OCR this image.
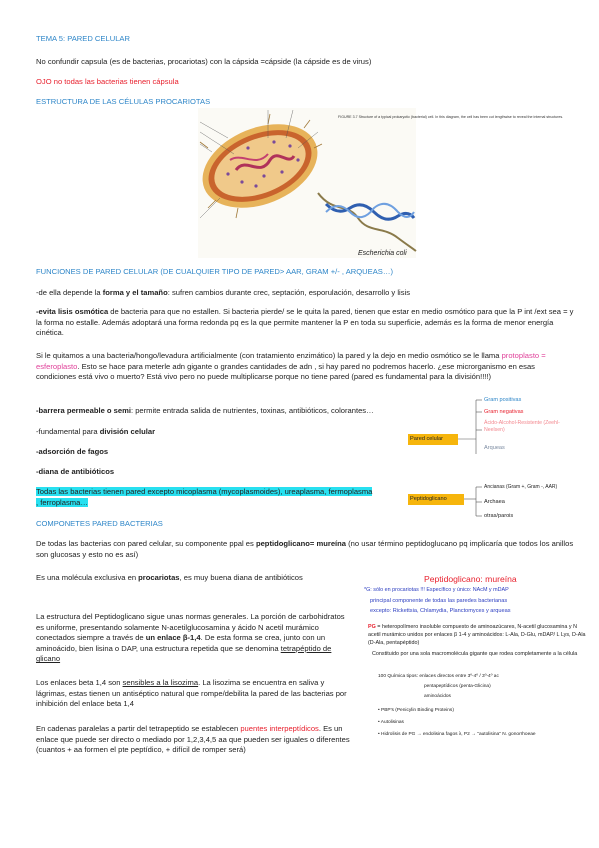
TEMA 5: PARED CELULAR
No confundir capsula (es de bacterias, procariotas) con la cápsida =cápside (la cápside es de virus)
OJO no todas las bacterias tienen cápsula
ESTRUCTURA DE LAS CÉLULAS PROCARIOTAS
FIGURE 3.7 Structure of a typical prokaryotic (bacterial) cell. In this diagram, the cell has been cut lengthwise to reveal the internal structures.
Escherichia coli
FUNCIONES DE PARED CELULAR (DE CUALQUIER TIPO DE PARED> AAR, GRAM +/- , ARQUEAS…)
-de ella depende la forma y el tamaño: sufren cambios durante crec, septación, esporulación, desarrollo y lisis
-evita lisis osmótica de bacteria para que no estallen. Si bacteria pierde/ se le quita la pared, tienen que estar en medio osmótico para que la P int /ext sea = y la forma no estalle. Además adoptará una forma redonda pq es la que permite mantener la P en toda su superficie, además es la forma de menor energía cinética.
Si le quitamos a una bacteria/hongo/levadura artificialmente (con tratamiento enzimático) la pared y la dejo en medio osmótico se le llama protoplasto = esferoplasto. Esto se hace para meterle adn gigante o grandes cantidades de adn , si hay pared no podremos hacerlo. ¿ese microrganismo en esas condiciones está vivo o muerto? Está vivo pero no puede multiplicarse porque no tiene pared (pared es fundamental para la división!!!!)
-barrera permeable o semi: permite entrada salida de nutrientes, toxinas, antibióticos, colorantes…
-fundamental para división celular
-adsorción de fagos
-diana de antibióticos
Todas las bacterias tienen pared excepto micoplasma (mycoplasmoides), ureaplasma, fermoplasma , ferroplasma…
Pared celular
Peptidoglicano
Gram positivas
Gram negativas
Ácido-Alcohol-Resistente (Zeehl-Neelsen)
Arqueas
Ancianas (Gram +, Gram -, AAR)
Archaea
otras/parois
COMPONETES PARED BACTERIAS
De todas las bacterias con pared celular, su componente ppal es peptidoglicano= mureína (no usar término peptidoglucano pq implicaría que todos los anillos son glucosas y esto no es así)
Es una molécula exclusiva en procariotas, es muy buena diana de antibióticos
La estructura del Peptidoglicano sigue unas normas generales. La porción de carbohidratos es uniforme, presentando solamente N-acetilglucosamina y ácido N acetil murámico conectados siempre a través de un enlace β-1,4. De esta forma se crea, junto con un aminoácido, bien lisina o DAP, una estructura repetida que se denomina tetrapéptido de glicano
Los enlaces beta 1,4 son sensibles a la lisozima. La lisozima se encuentra en saliva y lágrimas, estas tienen un antiséptico natural que rompe/debilita la pared de las bacterias por inhibición del enlace beta 1,4
En cadenas paralelas a partir del tetrapeptido se establecen puentes interpeptídicos. Es un enlace que puede ser directo o mediado por 1,2,3,4,5 aa que pueden ser iguales o diferentes (cuantos + aa formen el pte peptídico, + difícil de romper será)
Peptidoglicano: mureína
*G: sólo en procariotas !!! Específico y único: NAcM y mDAP
principal componente de todas las paredes bacterianas
excepto: Rickettsia, Chlamydia, Planctomyces y arqueas
PG = heteropolímero insoluble compuesto de aminoazúcares, N-acetil glucosamina y N acetil murámico unidos por enlaces β 1-4 y aminoácidos: L-Ala, D-Glu, mDAP/ L Lys, D-Ala (D-Ala, pentapéptido)
Constituido por una sola macromolécula gigante que rodea completamente a la célula
100 Química tipos: enlaces directos entre 3º-4º / 3º-4º ac
pentapeptídicos (penta-Glicina)
aminoácidos
• PBP's (Penicylin Binding Proteins)
• Autolisinas
• Hidrolisis de PG → endolisina fagos λ, P2 → "autolisina" N. gonorrhoeae
